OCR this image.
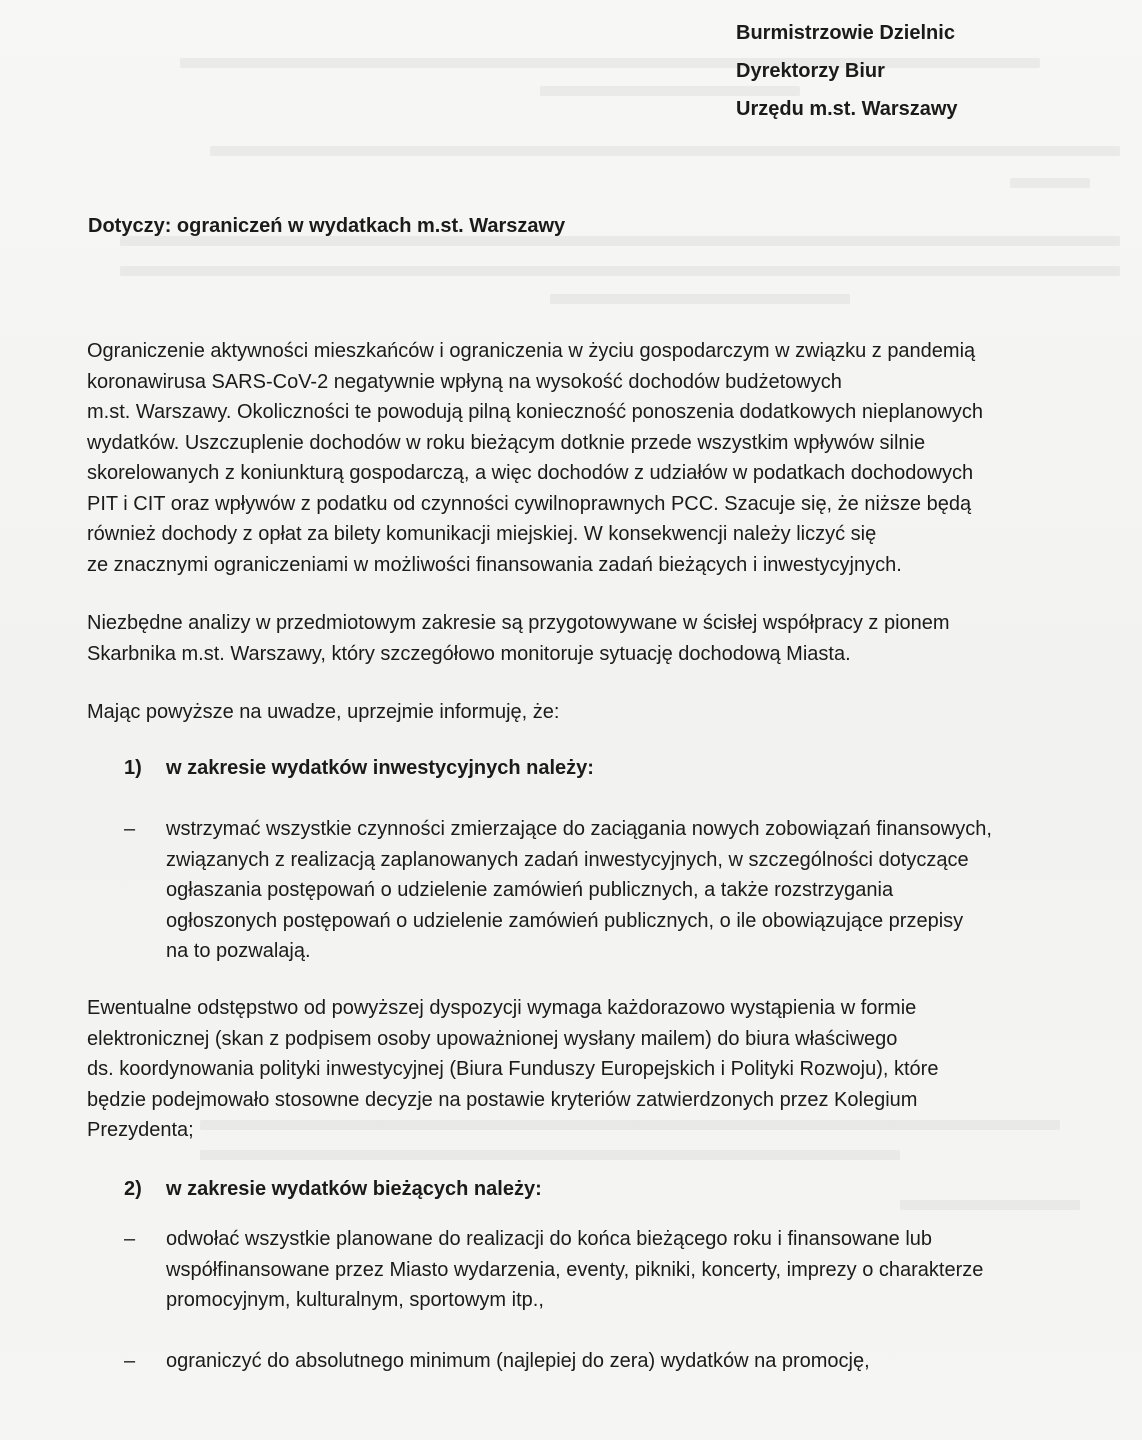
Burmistrzowie Dzielnic
Dyrektorzy Biur
Urzędu m.st. Warszawy
Dotyczy: ograniczeń w wydatkach m.st. Warszawy
Ograniczenie aktywności mieszkańców i ograniczenia w życiu gospodarczym w związku z pandemią
koronawirusa SARS-CoV-2 negatywnie wpłyną na wysokość dochodów budżetowych
m.st. Warszawy. Okoliczności te powodują pilną konieczność ponoszenia dodatkowych nieplanowych
wydatków. Uszczuplenie dochodów w roku bieżącym dotknie przede wszystkim wpływów silnie
skorelowanych z koniunkturą gospodarczą, a więc dochodów z udziałów w podatkach dochodowych
PIT i CIT oraz wpływów z podatku od czynności cywilnoprawnych PCC. Szacuje się, że niższe będą
również dochody z opłat za bilety komunikacji miejskiej. W konsekwencji należy liczyć się
ze znacznymi ograniczeniami w możliwości finansowania zadań bieżących i inwestycyjnych.
Niezbędne analizy w przedmiotowym zakresie są przygotowywane w ścisłej współpracy z pionem
Skarbnika m.st. Warszawy, który szczegółowo monitoruje sytuację dochodową Miasta.
Mając powyższe na uwadze, uprzejmie informuję, że:
1) w zakresie wydatków inwestycyjnych należy:
– wstrzymać wszystkie czynności zmierzające do zaciągania nowych zobowiązań finansowych,
związanych z realizacją zaplanowanych zadań inwestycyjnych, w szczególności dotyczące
ogłaszania postępowań o udzielenie zamówień publicznych, a także rozstrzygania
ogłoszonych postępowań o udzielenie zamówień publicznych, o ile obowiązujące przepisy
na to pozwalają.
Ewentualne odstępstwo od powyższej dyspozycji wymaga każdorazowo wystąpienia w formie
elektronicznej (skan z podpisem osoby upoważnionej wysłany mailem) do biura właściwego
ds. koordynowania polityki inwestycyjnej (Biura Funduszy Europejskich i Polityki Rozwoju), które
będzie podejmowało stosowne decyzje na postawie kryteriów zatwierdzonych przez Kolegium
Prezydenta;
2) w zakresie wydatków bieżących należy:
– odwołać wszystkie planowane do realizacji do końca bieżącego roku i finansowane lub
współfinansowane przez Miasto wydarzenia, eventy, pikniki, koncerty, imprezy o charakterze
promocyjnym, kulturalnym, sportowym itp.,
– ograniczyć do absolutnego minimum (najlepiej do zera) wydatków na promocję,
